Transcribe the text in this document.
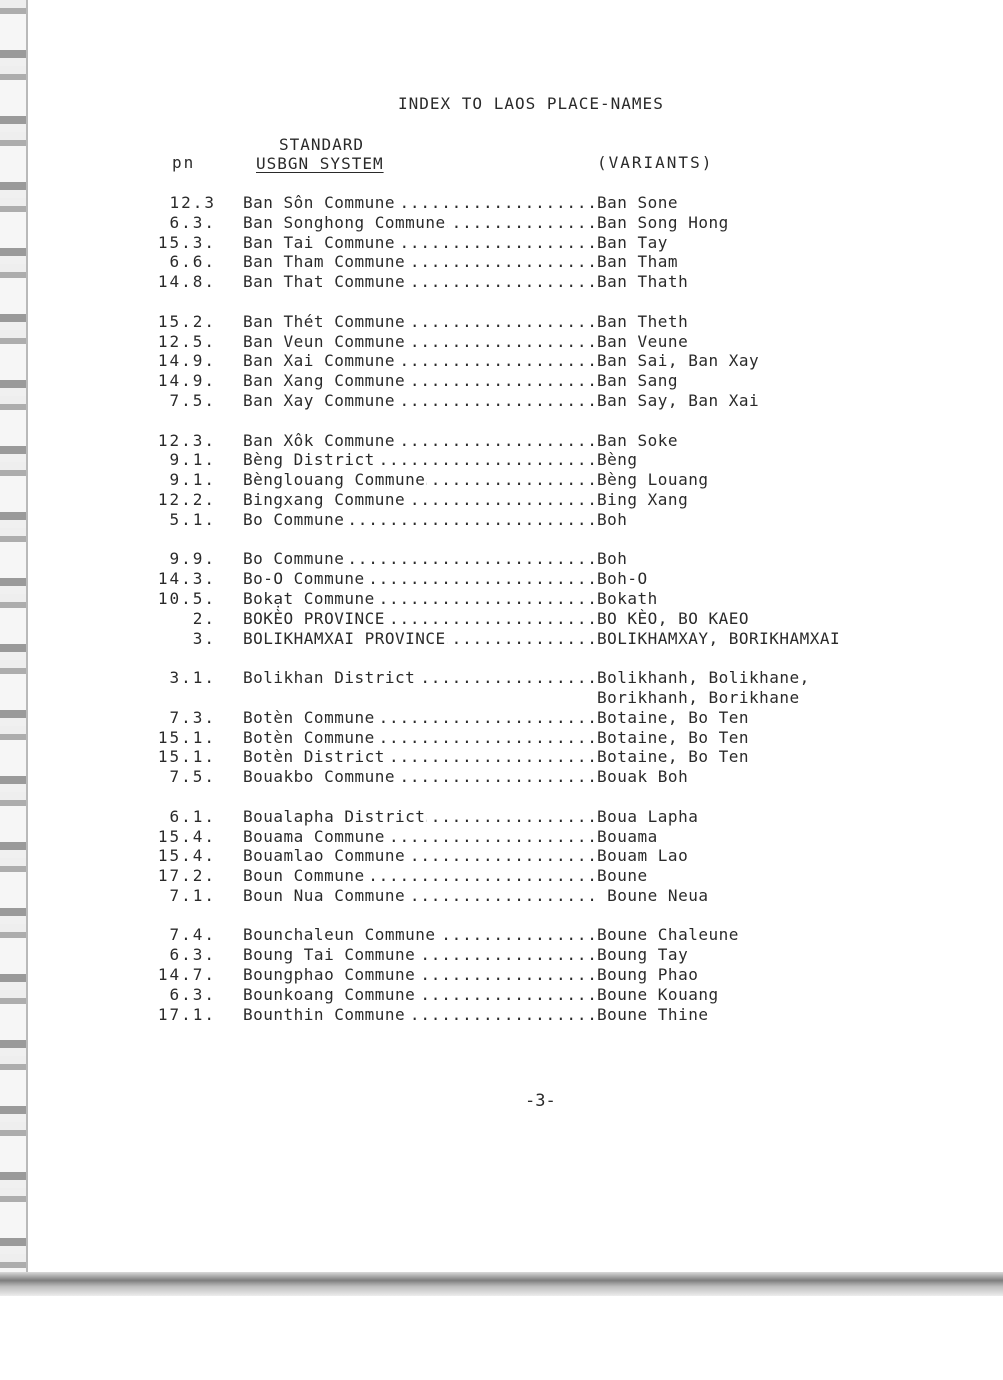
INDEX TO LAOS PLACE-NAMES
STANDARD
USBGN SYSTEM
pn	(VARIANTS)
12.3 Ban Sôn Commune .....	Ban Sone
6.3. Ban Songhong Commune .....	Ban Song Hong
15.3. Ban Tai Commune .....	Ban Tay
6.6. Ban Tham Commune .....	Ban Tham
14.8. Ban That Commune .....	Ban Thath
15.2. Ban Thét Commune .....	Ban Theth
12.5. Ban Veun Commune .....	Ban Veune
14.9. Ban Xai Commune .....	Ban Sai, Ban Xay
14.9. Ban Xang Commune .....	Ban Sang
7.5. Ban Xay Commune .....	Ban Say, Ban Xai
12.3. Ban Xôk Commune .....	Ban Soke
9.1. Bèng District .....	Bèng
9.1. Bènglouang Commune .....	Bèng Louang
12.2. Bingxang Commune .....	Bing Xang
5.1. Bo Commune .....	Boh
9.9. Bo Commune .....	Boh
14.3. Bo-O Commune .....	Boh-O
10.5. Bokạt Commune .....	Bokath
2. BOKÈO PROVINCE .....	BO KÈO, BO KAEO
3. BOLIKHAMXAI PROVINCE .....	BOLIKHAMXAY, BORIKHAMXAI
3.1. Bolikhan District .....	Bolikhanh, Bolikhane,
Borikhanh, Borikhane
7.3. Botèn Commune .....	Botaine, Bo Ten
15.1. Botèn Commune .....	Botaine, Bo Ten
15.1. Botèn District .....	Botaine, Bo Ten
7.5. Bouakbo Commune .....	Bouak Boh
6.1. Boualapha District .....	Boua Lapha
15.4. Bouama Commune .....	Bouama
15.4. Bouamlao Commune .....	Bouam Lao
17.2. Boun Commune .....	Boune
7.1. Boun Nua Commune .....	Boune Neua
7.4. Bounchaleun Commune .....	Boune Chaleune
6.3. Boung Tai Commune .....	Boung Tay
14.7. Boungphao Commune .....	Boung Phao
6.3. Bounkoang Commune .....	Boune Kouang
17.1. Bounthin Commune .....	Boune Thine
-3-
